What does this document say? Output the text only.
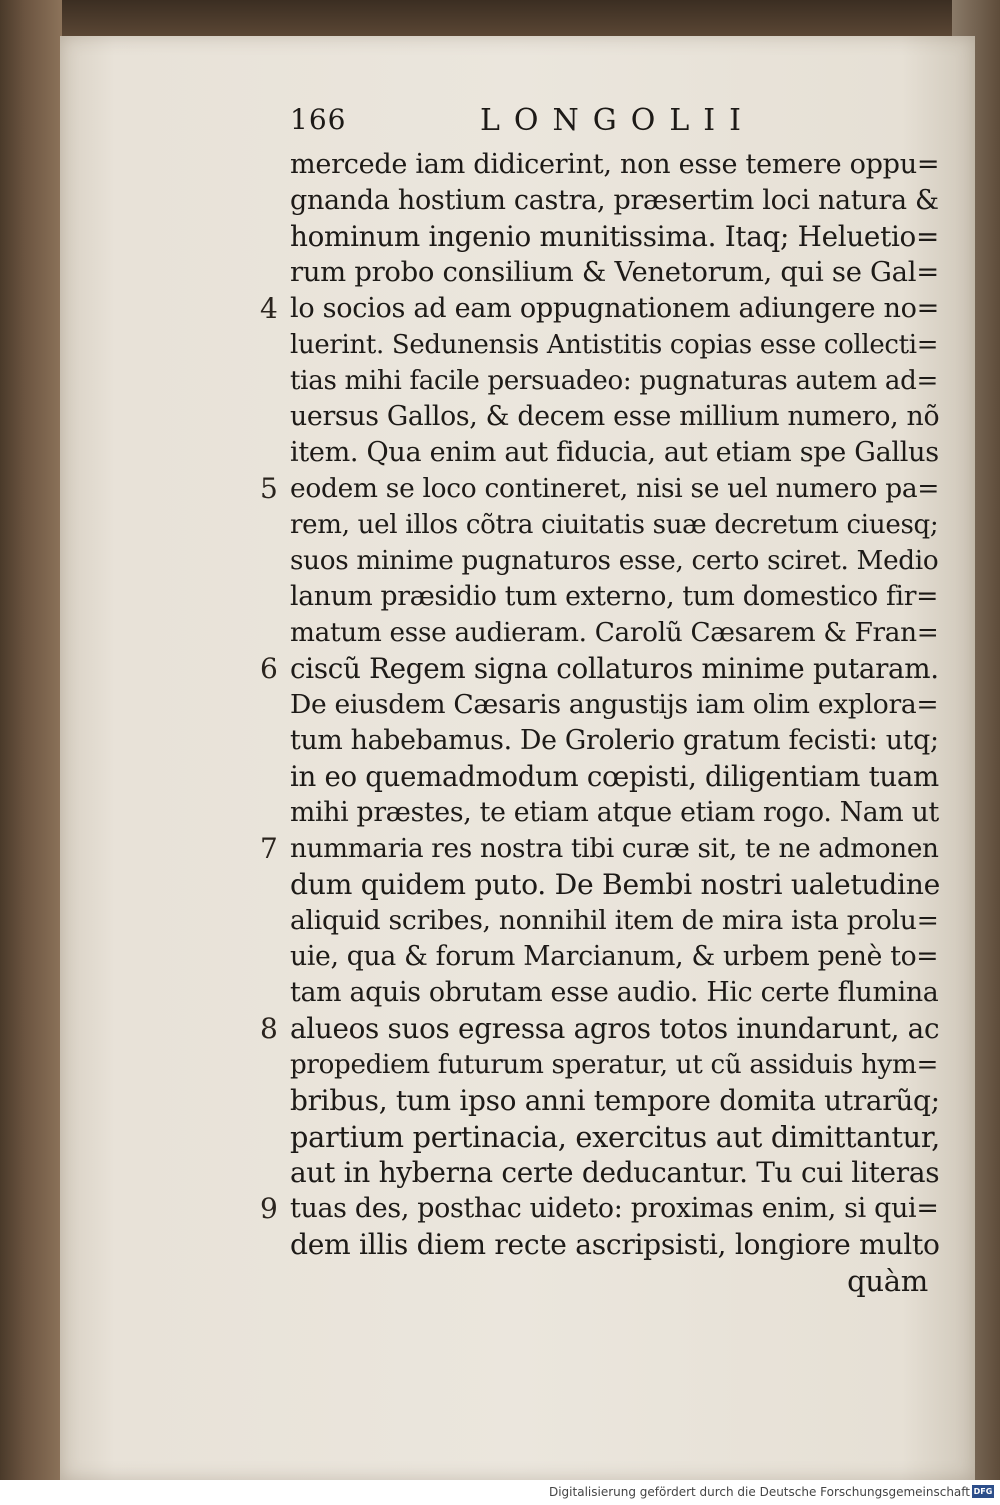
166	LONGOLII
mercede iam didicerint, non esse temere oppu=
gnanda hostium castra, præsertim loci natura &
hominum ingenio munitissima. Itaq; Heluetio=
rum probo consilium & Venetorum, qui se Gal=
4 lo socios ad eam oppugnationem adiungere no=
luerint. Sedunensis Antistitis copias esse collecti=
tias mihi facile persuadeo: pugnaturas autem ad=
uersus Gallos, & decem esse millium numero, nõ
item. Qua enim aut fiducia, aut etiam spe Gallus
5 eodem se loco contineret, nisi se uel numero pa=
rem, uel illos cõtra ciuitatis suæ decretum ciuesq;
suos minime pugnaturos esse, certo sciret. Medio
lanum præsidio tum externo, tum domestico fir=
matum esse audieram. Carolũ Cæsarem & Fran=
6 ciscũ Regem signa collaturos minime putaram.
De eiusdem Cæsaris angustijs iam olim explora=
tum habebamus. De Grolerio gratum fecisti: utq;
in eo quemadmodum cœpisti, diligentiam tuam
mihi præstes, te etiam atque etiam rogo. Nam ut
7 nummaria res nostra tibi curæ sit, te ne admonen
dum quidem puto. De Bembi nostri ualetudine
aliquid scribes, nonnihil item de mira ista prolu=
uie, qua & forum Marcianum, & urbem penè to=
tam aquis obrutam esse audio. Hic certe flumina
8 alueos suos egressa agros totos inundarunt, ac
propediem futurum speratur, ut cũ assiduis hym=
bribus, tum ipso anni tempore domita utrarũq;
partium pertinacia, exercitus aut dimittantur,
aut in hyberna certe deducantur. Tu cui literas
9 tuas des, posthac uideto: proximas enim, si qui=
dem illis diem recte ascripsisti, longiore multo
quàm
Digitalisierung gefördert durch die Deutsche Forschungsgemeinschaft DFG
